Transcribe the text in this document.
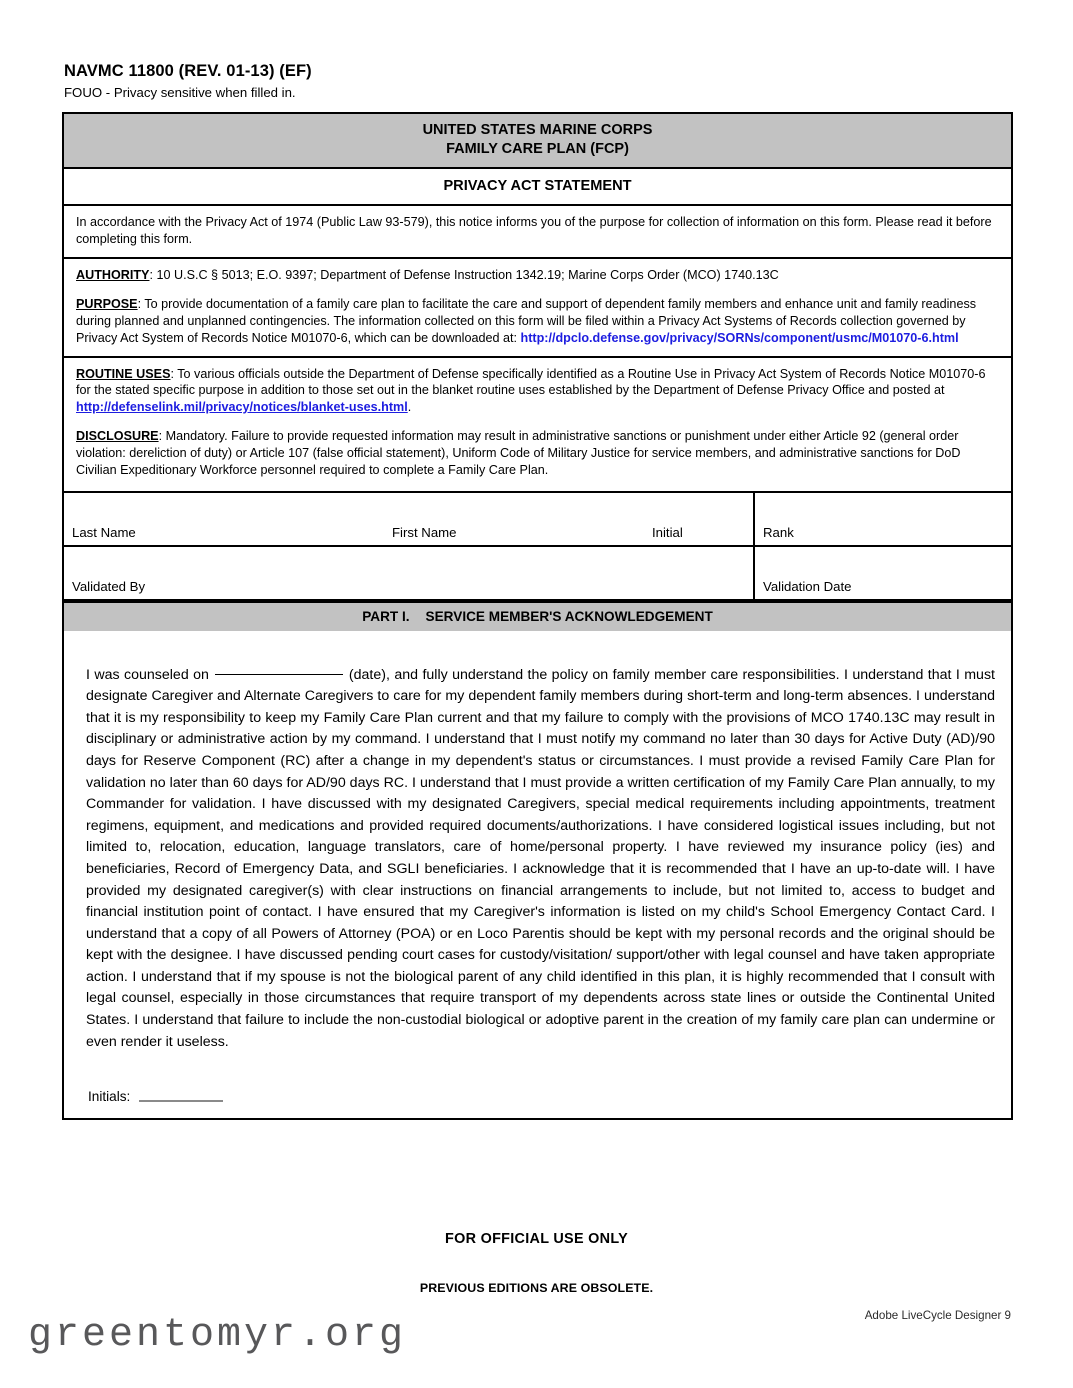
NAVMC 11800 (REV. 01-13) (EF)
FOUO - Privacy sensitive when filled in.
UNITED STATES MARINE CORPS
FAMILY CARE PLAN (FCP)
PRIVACY ACT STATEMENT

In accordance with the Privacy Act of 1974 (Public Law 93-579), this notice informs you of the purpose for collection of information on this form. Please read it before completing this form.

AUTHORITY: 10 U.S.C § 5013; E.O. 9397; Department of Defense Instruction 1342.19; Marine Corps Order (MCO) 1740.13C

PURPOSE: To provide documentation of a family care plan to facilitate the care and support of dependent family members and enhance unit and family readiness during planned and unplanned contingencies. The information collected on this form will be filed within a Privacy Act Systems of Records collection governed by Privacy Act System of Records Notice M01070-6, which can be downloaded at: http://dpclo.defense.gov/privacy/SORNs/component/usmc/M01070-6.html

ROUTINE USES: To various officials outside the Department of Defense specifically identified as a Routine Use in Privacy Act System of Records Notice M01070-6 for the stated specific purpose in addition to those set out in the blanket routine uses established by the Department of Defense Privacy Office and posted at http://defenselink.mil/privacy/notices/blanket-uses.html.

DISCLOSURE: Mandatory. Failure to provide requested information may result in administrative sanctions or punishment under either Article 92 (general order violation: dereliction of duty) or Article 107 (false official statement), Uniform Code of Military Justice for service members, and administrative sanctions for DoD Civilian Expeditionary Workforce personnel required to complete a Family Care Plan.

Last Name	First Name	Initial	Rank
Validated By	Validation Date
PART I. SERVICE MEMBER'S ACKNOWLEDGEMENT

I was counseled on	(date), and fully understand the policy on family member care responsibilities. I understand that I must designate Caregiver and Alternate Caregivers to care for my dependent family members during short-term and long-term absences. I understand that it is my responsibility to keep my Family Care Plan current and that my failure to comply with the provisions of MCO 1740.13C may result in disciplinary or administrative action by my command. I understand that I must notify my command no later than 30 days for Active Duty (AD)/90 days for Reserve Component (RC) after a change in my dependent's status or circumstances. I must provide a revised Family Care Plan for validation no later than 60 days for AD/90 days RC. I understand that I must provide a written certification of my Family Care Plan annually, to my Commander for validation. I have discussed with my designated Caregivers, special medical requirements including appointments, treatment regimens, equipment, and medications and provided required documents/authorizations. I have considered logistical issues including, but not limited to, relocation, education, language translators, care of home/personal property. I have reviewed my insurance policy (ies) and beneficiaries, Record of Emergency Data, and SGLI beneficiaries. I acknowledge that it is recommended that I have an up-to-date will. I have provided my designated caregiver(s) with clear instructions on financial arrangements to include, but not limited to, access to budget and financial institution point of contact. I have ensured that my Caregiver's information is listed on my child's School Emergency Contact Card. I understand that a copy of all Powers of Attorney (POA) or en Loco Parentis should be kept with my personal records and the original should be kept with the designee. I have discussed pending court cases for custody/visitation/ support/other with legal counsel and have taken appropriate action. I understand that if my spouse is not the biological parent of any child identified in this plan, it is highly recommended that I consult with legal counsel, especially in those circumstances that require transport of my dependents across state lines or outside the Continental United States. I understand that failure to include the non-custodial biological or adoptive parent in the creation of my family care plan can undermine or even render it useless.

Initials:
FOR OFFICIAL USE ONLY
PREVIOUS EDITIONS ARE OBSOLETE.
Adobe LiveCycle Designer 9
greentomyr.org
